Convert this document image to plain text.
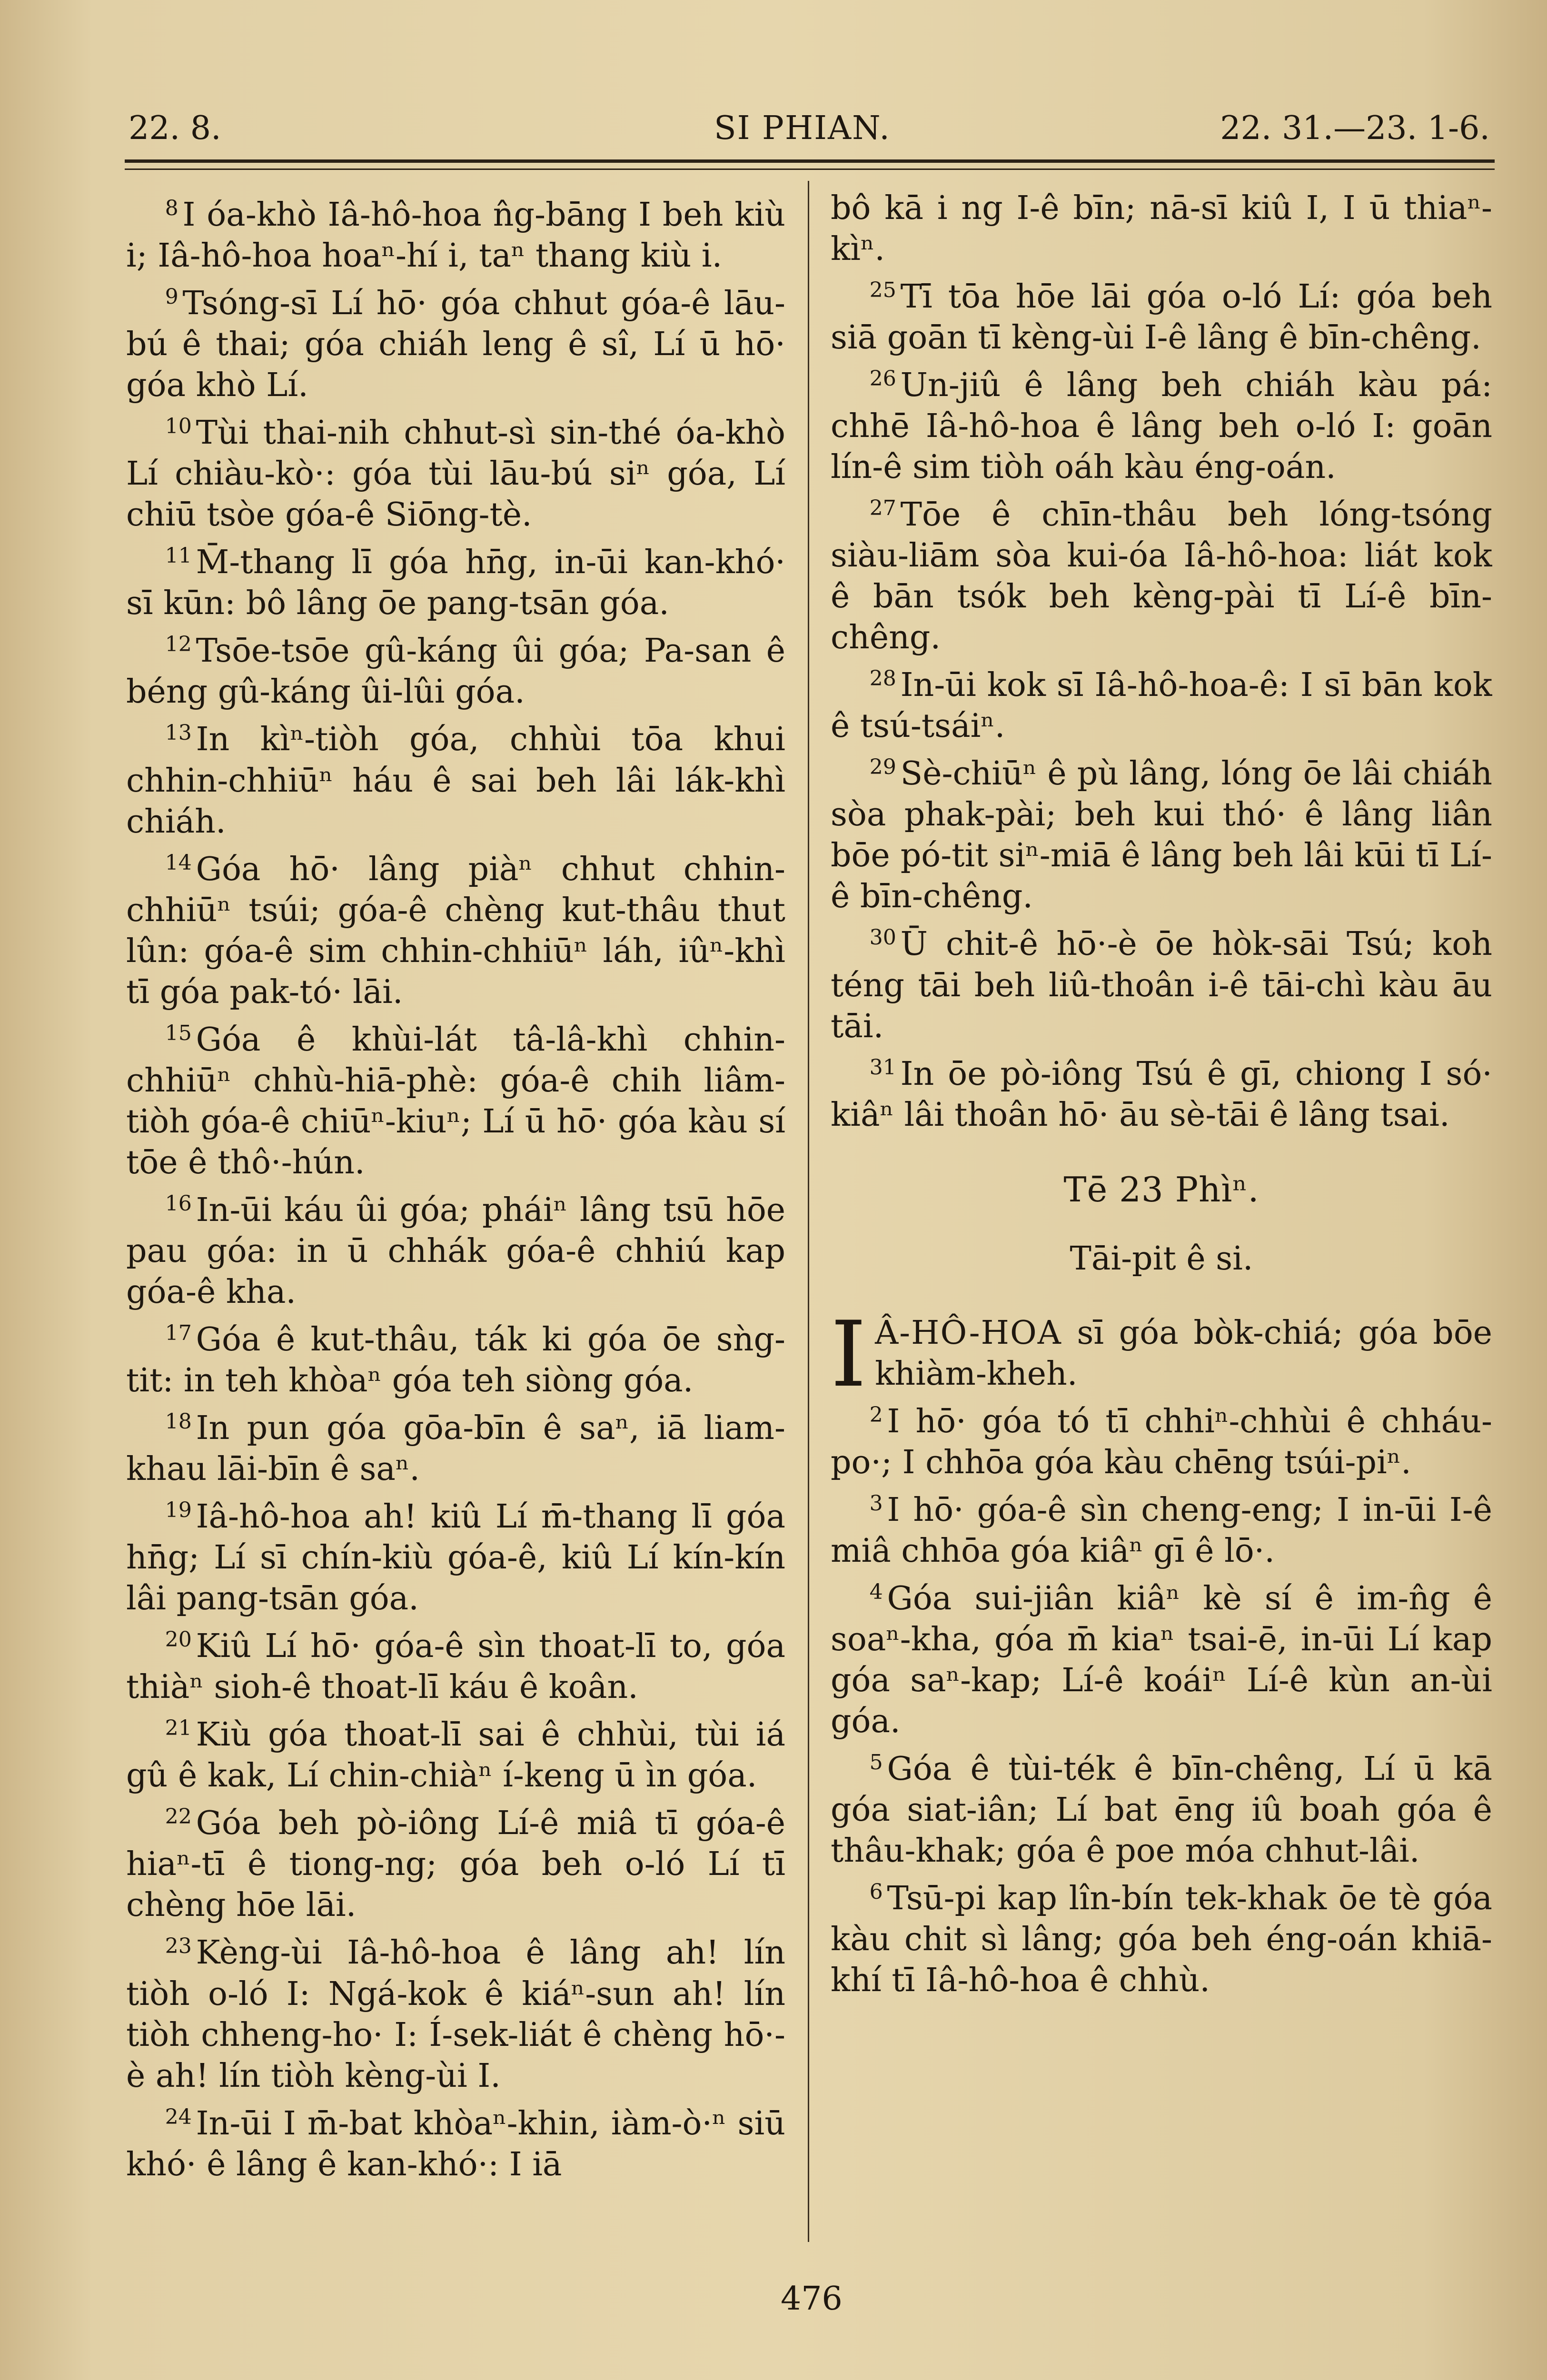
22. 8.	SI PHIAN.	22. 31.—23. 1-6.

$^8$ I óa-khò Iâ-hô-hoa n̂g-bāng I beh kiù i; Iâ-hô-hoa hoaⁿ-hí i, taⁿ thang kiù i.

$^9$ Tsóng-sī Lí hō· góa chhut góa-ê lāu-bú ê thai; góa chiáh leng ê sî, Lí ū hō· góa khò Lí.

$^{10}$ Tùi thai-nih chhut-sì sin-thé óa-khò Lí chiàu-kò·: góa tùi lāu-bú siⁿ góa, Lí chiū tsòe góa-ê Siōng-tè.

$^{11}$ M̄-thang lī góa hn̄g, in-ūi kan-khó· sī kūn: bô lâng ōe pang-tsān góa.

$^{12}$ Tsōe-tsōe gû-káng ûi góa; Pa-san ê béng gû-káng ûi-lûi góa.

$^{13}$ In kìⁿ-tiòh góa, chhùi tōa khui chhin-chhiūⁿ háu ê sai beh lâi lák-khì chiáh.

$^{14}$ Góa hō· lâng piàⁿ chhut chhin-chhiūⁿ tsúi; góa-ê chèng kut-thâu thut lûn: góa-ê sim chhin-chhiūⁿ láh, iûⁿ-khì tī góa pak-tó· lāi.

$^{15}$ Góa ê khùi-lát tâ-lâ-khì chhin-chhiūⁿ chhù-hiā-phè: góa-ê chih liâm-tiòh góa-ê chiūⁿ-kiuⁿ; Lí ū hō· góa kàu sí tōe ê thô·-hún.

$^{16}$ In-ūi káu ûi góa; pháiⁿ lâng tsū hōe pau góa: in ū chhák góa-ê chhiú kap góa-ê kha.

$^{17}$ Góa ê kut-thâu, ták ki góa ōe sǹg-tit: in teh khòaⁿ góa teh siòng góa.

$^{18}$ In pun góa gōa-bīn ê saⁿ, iā liam-khau lāi-bīn ê saⁿ.

$^{19}$ Iâ-hô-hoa ah! kiû Lí m̄-thang lī góa hn̄g; Lí sī chín-kiù góa-ê, kiû Lí kín-kín lâi pang-tsān góa.

$^{20}$ Kiû Lí hō· góa-ê sìn thoat-lī to, góa thiàⁿ sioh-ê thoat-lī káu ê koân.

$^{21}$ Kiù góa thoat-lī sai ê chhùi, tùi iá gû ê kak, Lí chin-chiàⁿ í-keng ū ìn góa.

$^{22}$ Góa beh pò-iông Lí-ê miâ tī góa-ê hiaⁿ-tī ê tiong-ng; góa beh o-ló Lí tī chèng hōe lāi.

$^{23}$ Kèng-ùi Iâ-hô-hoa ê lâng ah! lín tiòh o-ló I: Ngá-kok ê kiáⁿ-sun ah! lín tiòh chheng-ho· I: Í-sek-liát ê chèng hō·-è ah! lín tiòh kèng-ùi I.

$^{24}$ In-ūi I m̄-bat khòaⁿ-khin, iàm-ò·ⁿ siū khó· ê lâng ê kan-khó·: I iā

bô kā i ng I-ê bīn; nā-sī kiû I, I ū thiaⁿ-kìⁿ.

$^{25}$ Tī tōa hōe lāi góa o-ló Lí: góa beh siā goān tī kèng-ùi I-ê lâng ê bīn-chêng.

$^{26}$ Un-jiû ê lâng beh chiáh kàu pá: chhē Iâ-hô-hoa ê lâng beh o-ló I: goān lín-ê sim tiòh oáh kàu éng-oán.

$^{27}$ Tōe ê chīn-thâu beh lóng-tsóng siàu-liām sòa kui-óa Iâ-hô-hoa: liát kok ê bān tsók beh kèng-pài tī Lí-ê bīn-chêng.

$^{28}$ In-ūi kok sī Iâ-hô-hoa-ê: I sī bān kok ê tsú-tsáiⁿ.

$^{29}$ Sè-chiūⁿ ê pù lâng, lóng ōe lâi chiáh sòa phak-pài; beh kui thó· ê lâng liân bōe pó-tit siⁿ-miā ê lâng beh lâi kūi tī Lí-ê bīn-chêng.

$^{30}$ Ū chit-ê hō·-è ōe hòk-sāi Tsú; koh téng tāi beh liû-thoân i-ê tāi-chì kàu āu tāi.

$^{31}$ In ōe pò-iông Tsú ê gī, chiong I só· kiâⁿ lâi thoân hō· āu sè-tāi ê lâng tsai.

Tē 23 Phìⁿ.
Tāi-pit ê si.

I Â-HÔ-HOA sī góa bòk-chiá; góa bōe khiàm-kheh.

$^2$ I hō· góa tó tī chhiⁿ-chhùi ê chháu-po·; I chhōa góa kàu chēng tsúi-piⁿ.

$^3$ I hō· góa-ê sìn cheng-eng; I in-ūi I-ê miâ chhōa góa kiâⁿ gī ê lō·.

$^4$ Góa sui-jiân kiâⁿ kè sí ê im-n̂g ê soaⁿ-kha, góa m̄ kiaⁿ tsai-ē, in-ūi Lí kap góa saⁿ-kap; Lí-ê koáiⁿ Lí-ê kùn an-ùi góa.

$^5$ Góa ê tùi-ték ê bīn-chêng, Lí ū kā góa siat-iân; Lí bat ēng iû boah góa ê thâu-khak; góa ê poe móa chhut-lâi.

$^6$ Tsū-pi kap lîn-bín tek-khak ōe tè góa kàu chit sì lâng; góa beh éng-oán khiā-khí tī Iâ-hô-hoa ê chhù.

476
